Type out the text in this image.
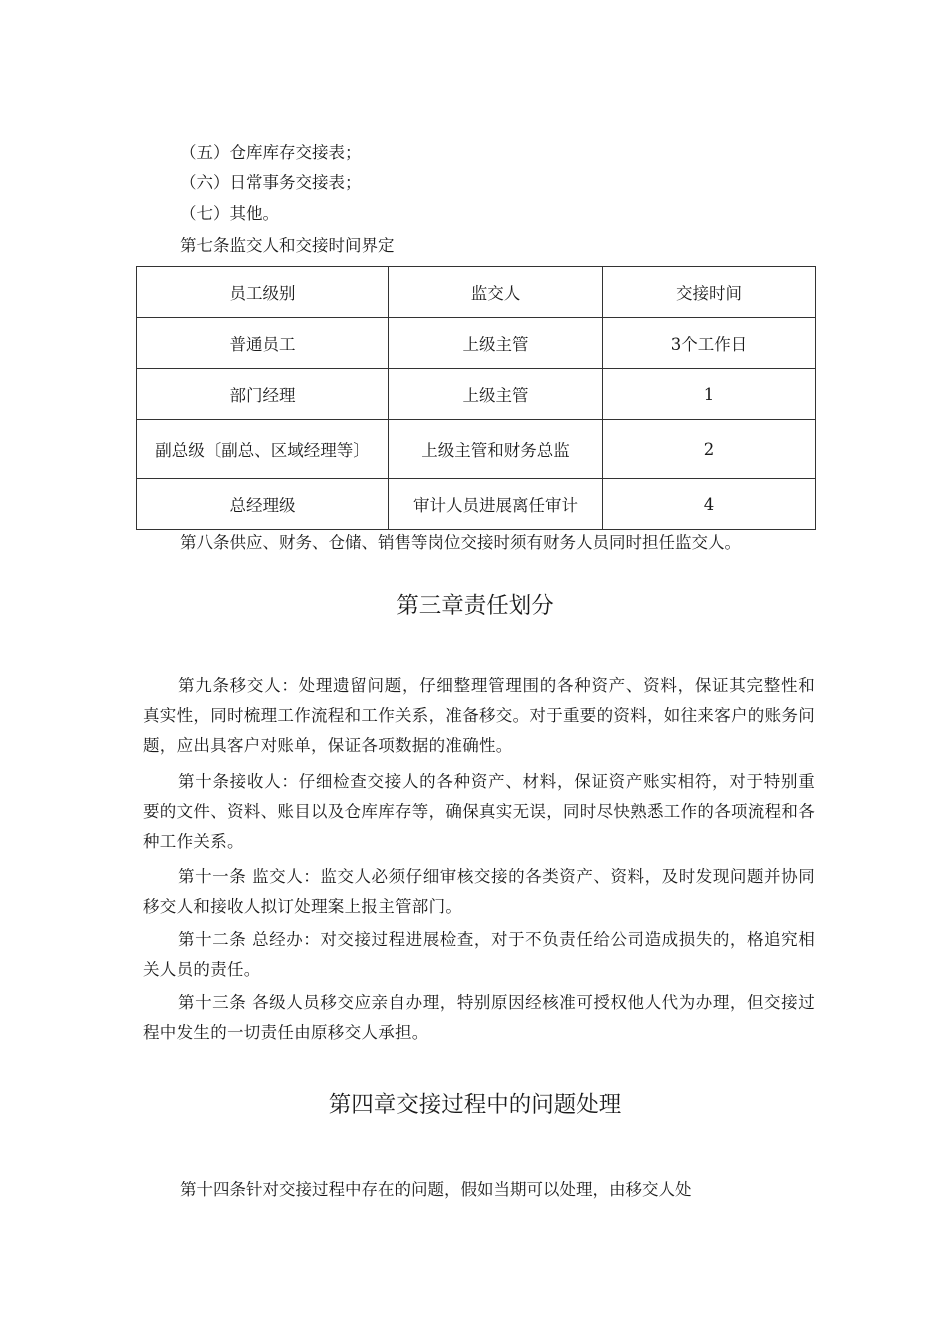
（五）仓库库存交接表；
（六）日常事务交接表；
（七）其他。
第七条监交人和交接时间界定
员工级别	监交人	交接时间
普通员工	上级主管	3个工作日
部门经理	上级主管	1
副总级〔副总、区域经理等〕	上级主管和财务总监	2
总经理级	审计人员进展离任审计	4
第八条供应、财务、仓储、销售等岗位交接时须有财务人员同时担任监交人。
第三章责任划分
第九条移交人：处理遗留问题，仔细整理管理围的各种资产、资料，保证其完整性和真实性，同时梳理工作流程和工作关系，准备移交。对于重要的资料，如往来客户的账务问题，应出具客户对账单，保证各项数据的准确性。
第十条接收人：仔细检查交接人的各种资产、材料，保证资产账实相符，对于特别重要的文件、资料、账目以及仓库库存等，确保真实无误，同时尽快熟悉工作的各项流程和各种工作关系。
第十一条 监交人：监交人必须仔细审核交接的各类资产、资料，及时发现问题并协同移交人和接收人拟订处理案上报主管部门。
第十二条 总经办：对交接过程进展检查，对于不负责任给公司造成损失的，格追究相关人员的责任。
第十三条 各级人员移交应亲自办理，特别原因经核准可授权他人代为办理，但交接过程中发生的一切责任由原移交人承担。
第四章交接过程中的问题处理
第十四条针对交接过程中存在的问题，假如当期可以处理，由移交人处
